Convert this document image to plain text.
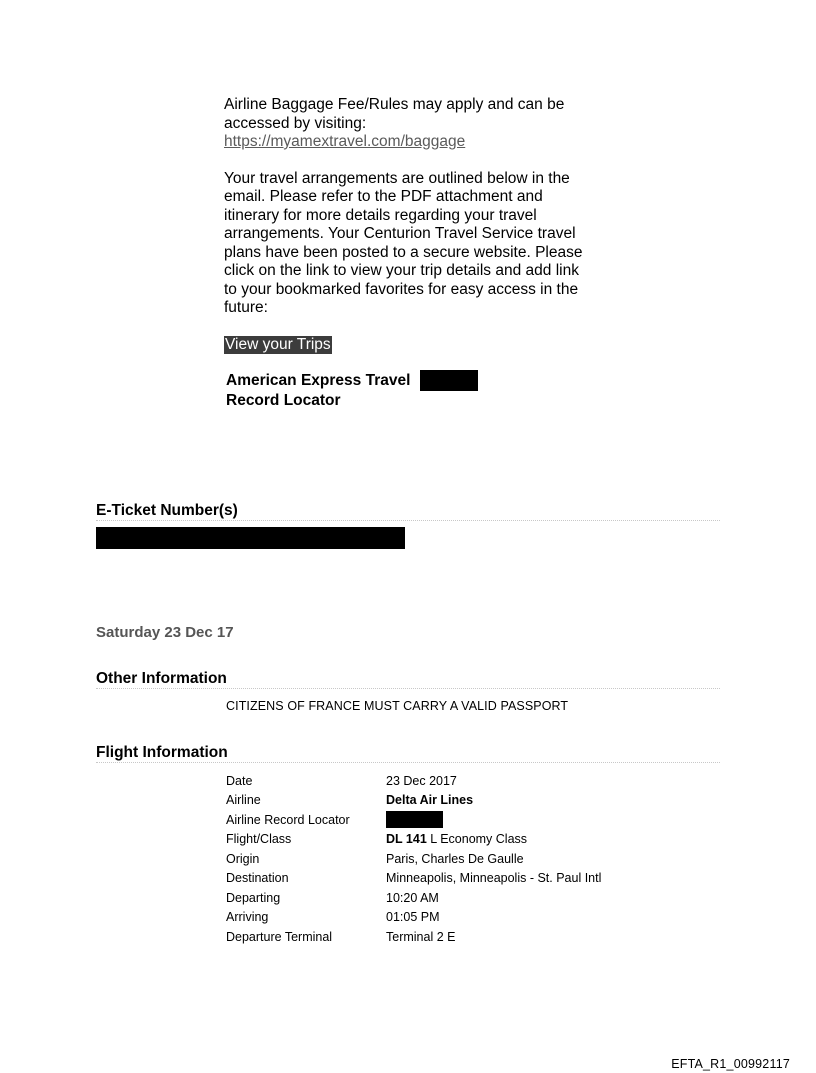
Airline Baggage Fee/Rules may apply and can be accessed by visiting:
https://myamextravel.com/baggage

Your travel arrangements are outlined below in the email. Please refer to the PDF attachment and itinerary for more details regarding your travel arrangements. Your Centurion Travel Service travel plans have been posted to a secure website. Please click on the link to view your trip details and add link to your bookmarked favorites for easy access in the future:

View your Trips
American Express Travel
Record Locator
E-Ticket Number(s)
Saturday 23 Dec 17
Other Information
CITIZENS OF FRANCE MUST CARRY A VALID PASSPORT
Flight Information
Date	23 Dec 2017
Airline	Delta Air Lines
Airline Record Locator	
Flight/Class	DL 141 L Economy Class
Origin	Paris, Charles De Gaulle
Destination	Minneapolis, Minneapolis - St. Paul Intl
Departing	10:20 AM
Arriving	01:05 PM
Departure Terminal	Terminal 2 E
EFTA_R1_00992117
